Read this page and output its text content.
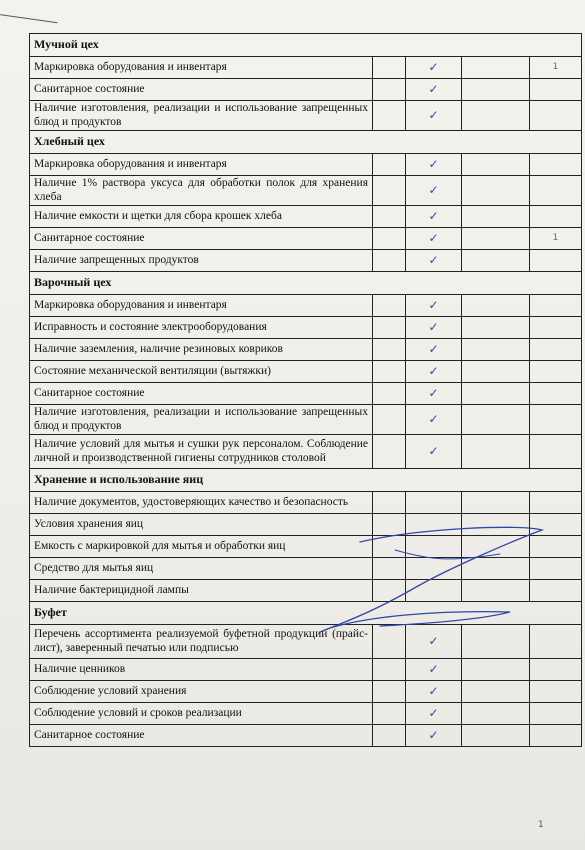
Мучной цех				
Маркировка оборудования и инвентаря		✓		1
Санитарное состояние		✓		
Наличие изготовления, реализации и использование запрещенных блюд и продуктов		✓		
Хлебный цех				
Маркировка оборудования и инвентаря		✓		
Наличие 1% раствора уксуса для обработки полок для хранения хлеба		✓		
Наличие емкости и щетки для сбора крошек хлеба		✓		
Санитарное состояние		✓		1
Наличие запрещенных продуктов		✓		
Варочный цех				
Маркировка оборудования и инвентаря		✓		
Исправность и состояние электрооборудования		✓		
Наличие заземления, наличие резиновых ковриков		✓		
Состояние механической вентиляции (вытяжки)		✓		
Санитарное состояние		✓		
Наличие изготовления, реализации и использование запрещенных блюд и продуктов		✓		
Наличие условий для мытья и сушки рук персоналом. Соблюдение личной и производственной гигиены сотрудников столовой		✓		
Хранение и использование яиц				
Наличие документов, удостоверяющих качество и безопасность				
Условия хранения яиц				
Емкость с маркировкой для мытья и обработки яиц				
Средство для мытья яиц				
Наличие бактерицидной лампы				
Буфет				
Перечень ассортимента реализуемой буфетной продукции (прайс-лист), заверенный печатью или подписью		✓		
Наличие ценников		✓		
Соблюдение условий хранения		✓		
Соблюдение условий и сроков реализации		✓		
Санитарное состояние		✓		
1
